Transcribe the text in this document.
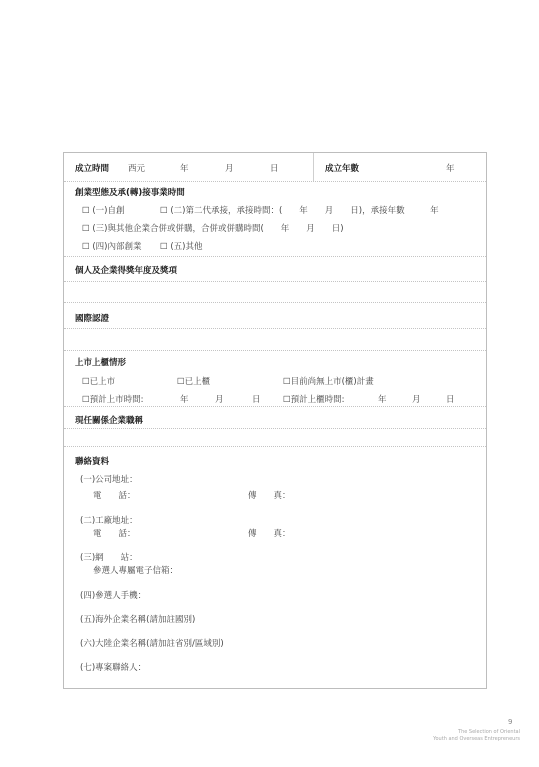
成立時間 西元	年	月	日	成立年數	年
創業型態及承(轉)接事業時間
☐ (一)自創	☐ (二)第二代承接，承接時間：(　　年　　月　　日)，承接年數　　　年
☐ (三)與其他企業合併或併購，合併或併購時間(　　年　　月　　日)
☐ (四)內部創業 ☐ (五)其他
個人及企業得獎年度及獎項
國際認證
上市上櫃情形
☐已上市	☐已上櫃	☐目前尚無上市(櫃)計畫
☐預計上市時間:	年	月	日	☐預計上櫃時間:	年	月	日
現任關係企業職稱
聯絡資料
(一)公司地址：
電　　話：	傳　　真：
(二)工廠地址：
電　　話：	傳　　真：
(三)網　　站：
參選人專屬電子信箱：
(四)參選人手機：
(五)海外企業名稱(請加註國別)
(六)大陸企業名稱(請加註省別/區域別)
(七)專案聯絡人：
9
The Selection of Oriental
Youth and Overseas Entrepreneurs
